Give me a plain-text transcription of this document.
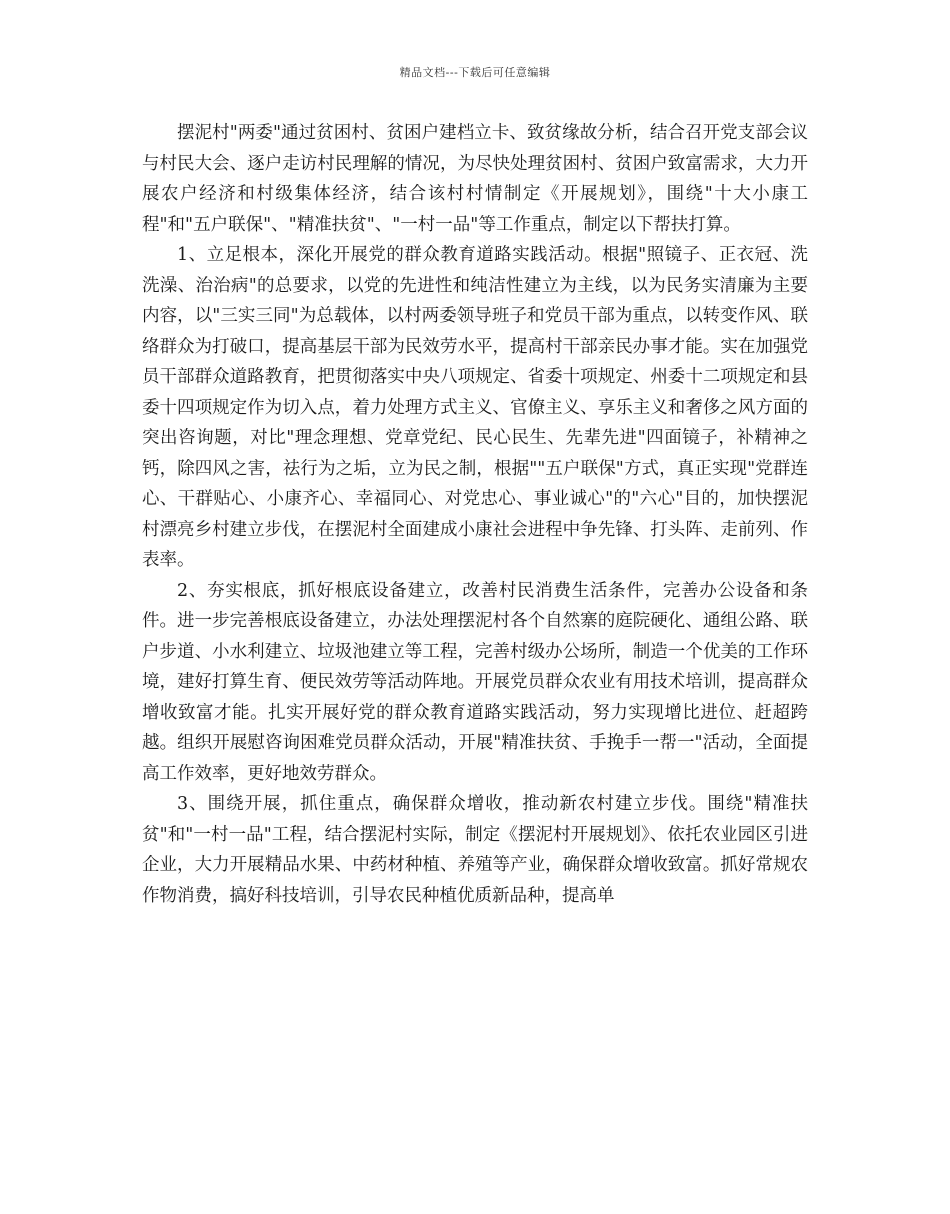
精品文档---下载后可任意编辑

摆泥村"两委"通过贫困村、贫困户建档立卡、致贫缘故分析，结合召开党支部会议与村民大会、逐户走访村民理解的情况，为尽快处理贫困村、贫困户致富需求，大力开展农户经济和村级集体经济，结合该村村情制定《开展规划》，围绕"十大小康工程"和"五户联保"、"精准扶贫"、"一村一品"等工作重点，制定以下帮扶打算。

1、立足根本，深化开展党的群众教育道路实践活动。根据"照镜子、正衣冠、洗洗澡、治治病"的总要求，以党的先进性和纯洁性建立为主线，以为民务实清廉为主要内容，以"三实三同"为总载体，以村两委领导班子和党员干部为重点，以转变作风、联络群众为打破口，提高基层干部为民效劳水平，提高村干部亲民办事才能。实在加强党员干部群众道路教育，把贯彻落实中央八项规定、省委十项规定、州委十二项规定和县委十四项规定作为切入点，着力处理方式主义、官僚主义、享乐主义和奢侈之风方面的突出咨询题，对比"理念理想、党章党纪、民心民生、先辈先进"四面镜子，补精神之钙，除四风之害，祛行为之垢，立为民之制，根据""五户联保"方式，真正实现"党群连心、干群贴心、小康齐心、幸福同心、对党忠心、事业诚心"的"六心"目的，加快摆泥村漂亮乡村建立步伐，在摆泥村全面建成小康社会进程中争先锋、打头阵、走前列、作表率。

2、夯实根底，抓好根底设备建立，改善村民消费生活条件，完善办公设备和条件。进一步完善根底设备建立，办法处理摆泥村各个自然寨的庭院硬化、通组公路、联户步道、小水利建立、垃圾池建立等工程，完善村级办公场所，制造一个优美的工作环境，建好打算生育、便民效劳等活动阵地。开展党员群众农业有用技术培训，提高群众增收致富才能。扎实开展好党的群众教育道路实践活动，努力实现增比进位、赶超跨越。组织开展慰咨询困难党员群众活动，开展"精准扶贫、手挽手一帮一"活动，全面提高工作效率，更好地效劳群众。

3、围绕开展，抓住重点，确保群众增收，推动新农村建立步伐。围绕"精准扶贫"和"一村一品"工程，结合摆泥村实际，制定《摆泥村开展规划》、依托农业园区引进企业，大力开展精品水果、中药材种植、养殖等产业，确保群众增收致富。抓好常规农作物消费，搞好科技培训，引导农民种植优质新品种，提高单
